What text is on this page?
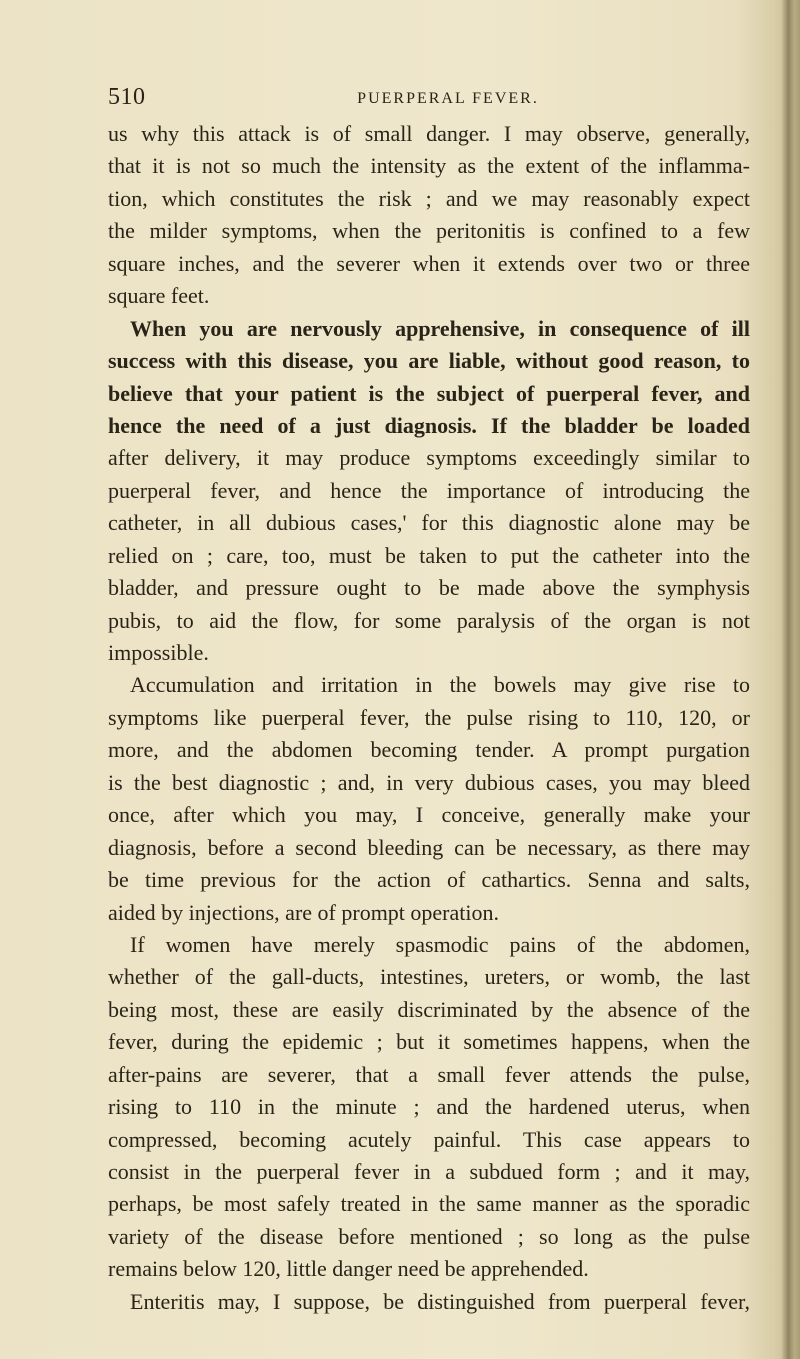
510	PUERPERAL FEVER.
us why this attack is of small danger. I may observe, generally,
that it is not so much the intensity as the extent of the inflamma-
tion, which constitutes the risk ; and we may reasonably expect
the milder symptoms, when the peritonitis is confined to a few
square inches, and the severer when it extends over two or three
square feet.
When you are nervously apprehensive, in consequence of ill
success with this disease, you are liable, without good reason, to
believe that your patient is the subject of puerperal fever, and
hence the need of a just diagnosis. If the bladder be loaded
after delivery, it may produce symptoms exceedingly similar to
puerperal fever, and hence the importance of introducing the
catheter, in all dubious cases,' for this diagnostic alone may be
relied on ; care, too, must be taken to put the catheter into the
bladder, and pressure ought to be made above the symphysis
pubis, to aid the flow, for some paralysis of the organ is not
impossible.
Accumulation and irritation in the bowels may give rise to
symptoms like puerperal fever, the pulse rising to 110, 120, or
more, and the abdomen becoming tender. A prompt purgation
is the best diagnostic ; and, in very dubious cases, you may bleed
once, after which you may, I conceive, generally make your
diagnosis, before a second bleeding can be necessary, as there may
be time previous for the action of cathartics. Senna and salts,
aided by injections, are of prompt operation.
If women have merely spasmodic pains of the abdomen,
whether of the gall-ducts, intestines, ureters, or womb, the last
being most, these are easily discriminated by the absence of the
fever, during the epidemic ; but it sometimes happens, when the
after-pains are severer, that a small fever attends the pulse,
rising to 110 in the minute ; and the hardened uterus, when
compressed, becoming acutely painful. This case appears to
consist in the puerperal fever in a subdued form ; and it may,
perhaps, be most safely treated in the same manner as the sporadic
variety of the disease before mentioned ; so long as the pulse
remains below 120, little danger need be apprehended.
Enteritis may, I suppose, be distinguished from puerperal fever,
